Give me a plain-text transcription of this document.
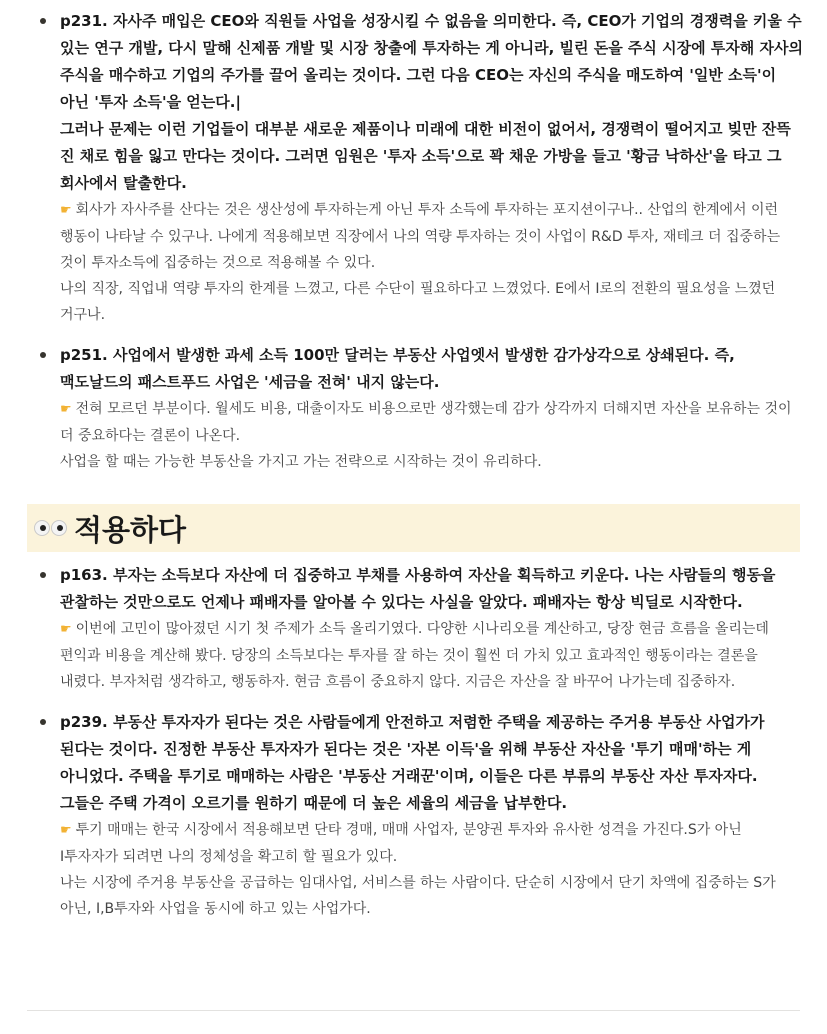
p231. 자사주 매입은 CEO와 직원들 사업을 성장시킬 수 없음을 의미한다. 즉, CEO가 기업의 경쟁력을 키울 수 있는 연구 개발, 다시 말해 신제품 개발 및 시장 창출에 투자하는 게 아니라, 빌린 돈을 주식 시장에 투자해 자사의 주식을 매수하고 기업의 주가를 끌어 올리는 것이다. 그런 다음 CEO는 자신의 주식을 매도하여 '일반 소득'이 아닌 '투자 소득'을 얻는다.|
그러나 문제는 이런 기업들이 대부분 새로운 제품이나 미래에 대한 비전이 없어서, 경쟁력이 떨어지고 빚만 잔뜩 진 채로 힘을 잃고 만다는 것이다. 그러면 임원은 '투자 소득'으로 꽉 채운 가방을 들고 '황금 낙하산'을 타고 그 회사에서 탈출한다.
☛ 회사가 자사주를 산다는 것은 생산성에 투자하는게 아닌 투자 소득에 투자하는 포지션이구나.. 산업의 한계에서 이런 행동이 나타날 수 있구나. 나에게 적용해보면 직장에서 나의 역량 투자하는 것이 사업이 R&D 투자, 재테크 더 집중하는 것이 투자소득에 집중하는 것으로 적용해볼 수 있다.
나의 직장, 직업내 역량 투자의 한계를 느꼈고, 다른 수단이 필요하다고 느꼈었다. E에서 I로의 전환의 필요성을 느꼈던 거구나.
p251. 사업에서 발생한 과세 소득 100만 달러는 부동산 사업엣서 발생한 감가상각으로 상쇄된다. 즉, 맥도날드의 패스트푸드 사업은 '세금을 전혀' 내지 않는다.
☛ 전혀 모르던 부분이다. 월세도 비용, 대출이자도 비용으로만 생각했는데 감가 상각까지 더해지면 자산을 보유하는 것이 더 중요하다는 결론이 나온다.
사업을 할 때는 가능한 부동산을 가지고 가는 전략으로 시작하는 것이 유리하다.
적용하다
p163. 부자는 소득보다 자산에 더 집중하고 부채를 사용하여 자산을 획득하고 키운다. 나는 사람들의 행동을 관찰하는 것만으로도 언제나 패배자를 알아볼 수 있다는 사실을 알았다. 패배자는 항상 빅딜로 시작한다.
☛ 이번에 고민이 많아졌던 시기 첫 주제가 소득 올리기였다. 다양한 시나리오를 계산하고, 당장 현금 흐름을 올리는데 편익과 비용을 계산해 봤다. 당장의 소득보다는 투자를 잘 하는 것이 훨씬 더 가치 있고 효과적인 행동이라는 결론을 내렸다. 부자처럼 생각하고, 행동하자. 현금 흐름이 중요하지 않다. 지금은 자산을 잘 바꾸어 나가는데 집중하자.
p239. 부동산 투자자가 된다는 것은 사람들에게 안전하고 저렴한 주택을 제공하는 주거용 부동산 사업가가 된다는 것이다. 진정한 부동산 투자자가 된다는 것은 '자본 이득'을 위해 부동산 자산을 '투기 매매'하는 게 아니었다. 주택을 투기로 매매하는 사람은 '부동산 거래꾼'이며, 이들은 다른 부류의 부동산 자산 투자자다. 그들은 주택 가격이 오르기를 원하기 때문에 더 높은 세율의 세금을 납부한다.
☛ 투기 매매는 한국 시장에서 적용해보면 단타 경매, 매매 사업자, 분양권 투자와 유사한 성격을 가진다.S가 아닌 I투자자가 되려면 나의 정체성을 확고히 할 필요가 있다.
나는 시장에 주거용 부동산을 공급하는 임대사업, 서비스를 하는 사람이다. 단순히 시장에서 단기 차액에 집중하는 S가 아닌, I,B투자와 사업을 동시에 하고 있는 사업가다.
